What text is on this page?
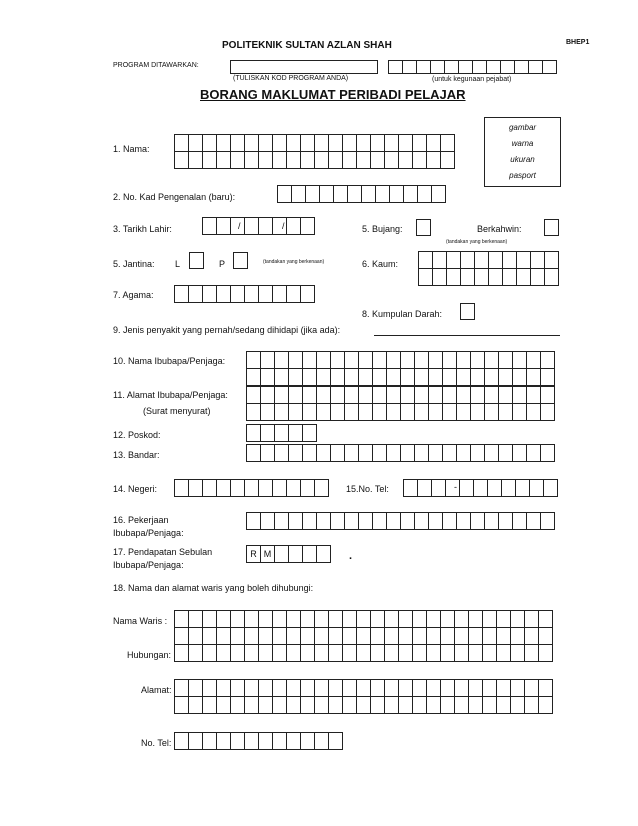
POLITEKNIK SULTAN AZLAN SHAH	BHEP1
PROGRAM DITAWARKAN:
(TULISKAN KOD PROGRAM ANDA)	(untuk kegunaan pejabat)
BORANG MAKLUMAT PERIBADI PELAJAR
gambar
warna
ukuran
pasport
1. Nama:
2. No. Kad Pengenalan (baru):
3. Tarikh Lahir:	/	/	5. Bujang:	Berkahwin:
(tandakan yang berkenaan)
5. Jantina: L	P	(tandakan yang berkenaan)	6. Kaum:
7. Agama:
8. Kumpulan Darah:
9. Jenis penyakit yang pernah/sedang dihidapi (jika ada):
10. Nama Ibubapa/Penjaga:
11. Alamat Ibubapa/Penjaga:
(Surat menyurat)
12. Poskod:
13. Bandar:
14. Negeri:	15.No. Tel:	-
16. Pekerjaan
Ibubapa/Penjaga:
17. Pendapatan Sebulan
Ibubapa/Penjaga:
R M	.
18. Nama dan alamat waris yang boleh dihubungi:
Nama Waris :
Hubungan:
Alamat:
No. Tel:
